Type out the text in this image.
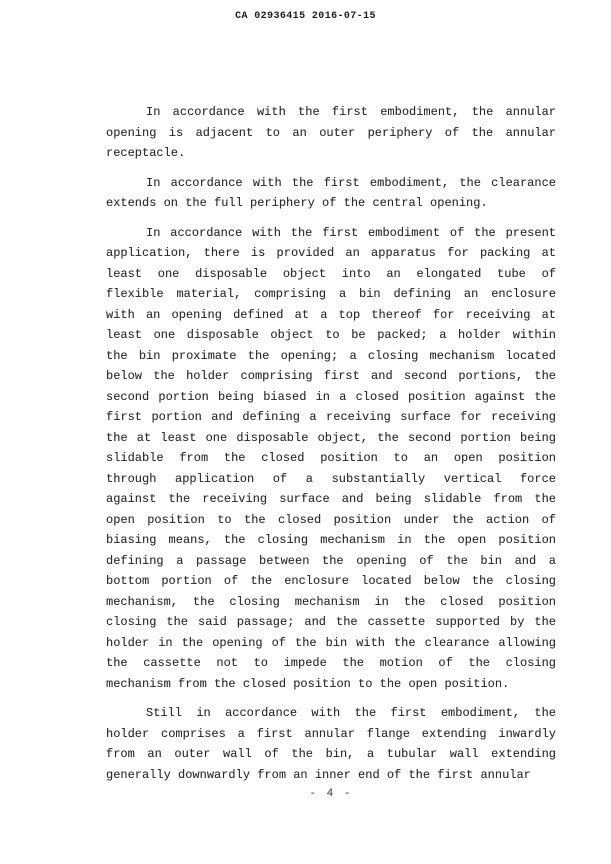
CA 02936415 2016-07-15
In accordance with the first embodiment, the annular
opening is adjacent to an outer periphery of the annular
receptacle.
In accordance with the first embodiment, the clearance
extends on the full periphery of the central opening.
In accordance with the first embodiment of the present
application, there is provided an apparatus for packing at
least one disposable object into an elongated tube of
flexible material, comprising a bin defining an enclosure
with an opening defined at a top thereof for receiving at
least one disposable object to be packed; a holder within
the bin proximate the opening; a closing mechanism located
below the holder comprising first and second portions, the
second portion being biased in a closed position against the
first portion and defining a receiving surface for receiving
the at least one disposable object, the second portion being
slidable from the closed position to an open position
through application of a substantially vertical force
against the receiving surface and being slidable from the
open position to the closed position under the action of
biasing means, the closing mechanism in the open position
defining a passage between the opening of the bin and a
bottom portion of the enclosure located below the closing
mechanism, the closing mechanism in the closed position
closing the said passage; and the cassette supported by the
holder in the opening of the bin with the clearance allowing
the cassette not to impede the motion of the closing
mechanism from the closed position to the open position.
Still in accordance with the first embodiment, the
holder comprises a first annular flange extending inwardly
from an outer wall of the bin, a tubular wall extending
generally downwardly from an inner end of the first annular
- 4 -
